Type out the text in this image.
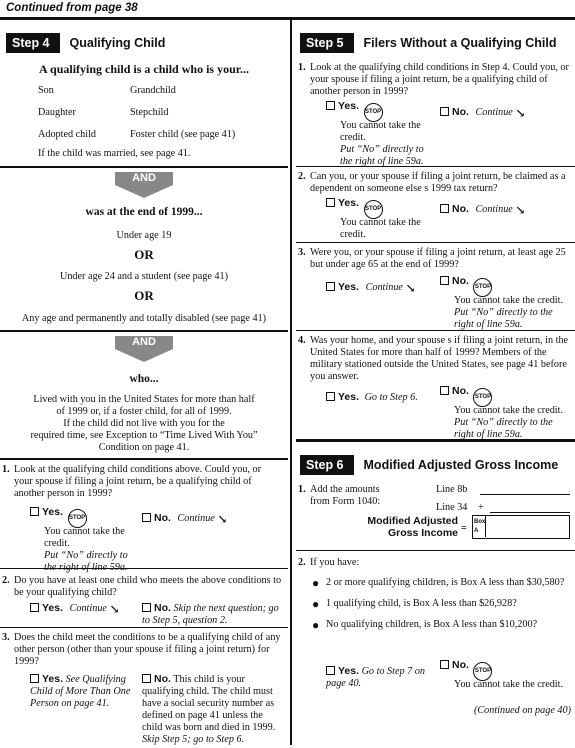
Continued from page 38
Step 4	Qualifying Child
A qualifying child is a child who is your...
Son	Grandchild
Daughter	Stepchild
Adopted child	Foster child (see page 41)
If the child was married, see page 41.
AND
was at the end of 1999...
Under age 19
OR
Under age 24 and a student (see page 41)
OR
Any age and permanently and totally disabled (see page 41)
AND
who...
Lived with you in the United States for more than half
of 1999 or, if a foster child, for all of 1999.
If the child did not live with you for the
required time, see Exception to “Time Lived With You”
Condition on page 41.
1. Look at the qualifying child conditions above. Could you, or your spouse if filing a joint return, be a qualifying child of another person in 1999?
Yes. STOP
You cannot take the credit.
Put “No” directly to the right of line 59a.
No. Continue ↘
2. Do you have at least one child who meets the above conditions to be your qualifying child?
Yes. Continue ↘	No. Skip the next question; go to Step 5, question 2.
3. Does the child meet the conditions to be a qualifying child of any other person (other than your spouse if filing a joint return) for 1999?
Yes. See Qualifying Child of More Than One Person on page 41.
No. This child is your qualifying child. The child must have a social security number as defined on page 41 unless the child was born and died in 1999. Skip Step 5; go to Step 6.
Step 5	Filers Without a Qualifying Child
1. Look at the qualifying child conditions in Step 4. Could you, or your spouse if filing a joint return, be a qualifying child of another person in 1999?
Yes. STOP
You cannot take the credit.
Put “No” directly to the right of line 59a.
No. Continue ↘
2. Can you, or your spouse if filing a joint return, be claimed as a dependent on someone else s 1999 tax return?
Yes. STOP
You cannot take the credit.
No. Continue ↘
3. Were you, or your spouse if filing a joint return, at least age 25 but under age 65 at the end of 1999?
Yes. Continue ↘	No. STOP
You cannot take the credit.
Put “No” directly to the right of line 59a.
4. Was your home, and your spouse s if filing a joint return, in the United States for more than half of 1999? Members of the military stationed outside the United States, see page 41 before you answer.
Yes. Go to Step 6.
No. STOP
You cannot take the credit.
Put “No” directly to the right of line 59a.
Step 6	Modified Adjusted Gross Income
1. Add the amounts from Form 1040:
Line 8b
Line 34 +
Modified Adjusted Gross Income =
Box A
2. If you have:
● 2 or more qualifying children, is Box A less than $30,580?
● 1 qualifying child, is Box A less than $26,928?
● No qualifying children, is Box A less than $10,200?
Yes. Go to Step 7 on page 40.
No. STOP
You cannot take the credit.
(Continued on page 40)
